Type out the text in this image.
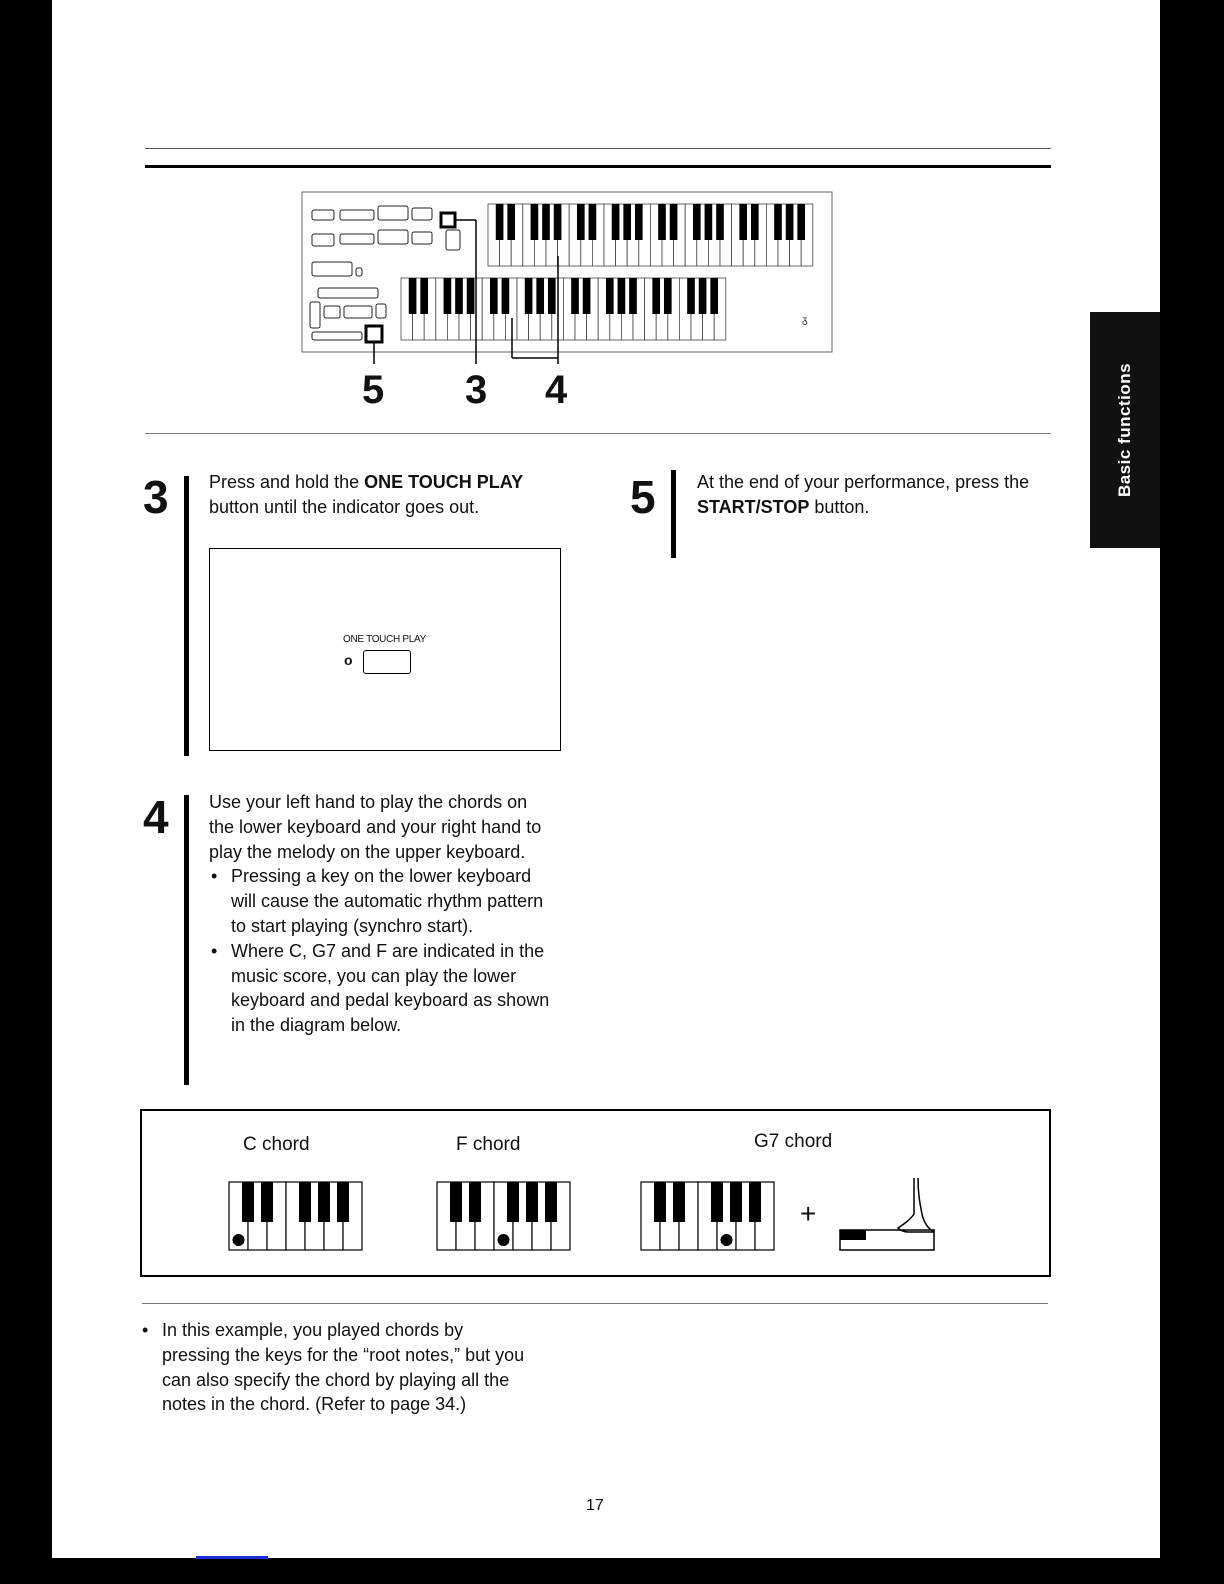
Basic functions
ᵹ
5 3 4
3 Press and hold the ONE TOUCH PLAY button until the indicator goes out.
ONE TOUCH PLAY
o
5 At the end of your performance, press the START/STOP button.
4 Use your left hand to play the chords on the lower keyboard and your right hand to play the melody on the upper keyboard.
• Pressing a key on the lower keyboard will cause the automatic rhythm pattern to start playing (synchro start).
• Where C, G7 and F are indicated in the music score, you can play the lower keyboard and pedal keyboard as shown in the diagram below.
C chord	F chord	G7 chord
+
• In this example, you played chords by pressing the keys for the “root notes,” but you can also specify the chord by playing all the notes in the chord. (Refer to page 34.)
17
